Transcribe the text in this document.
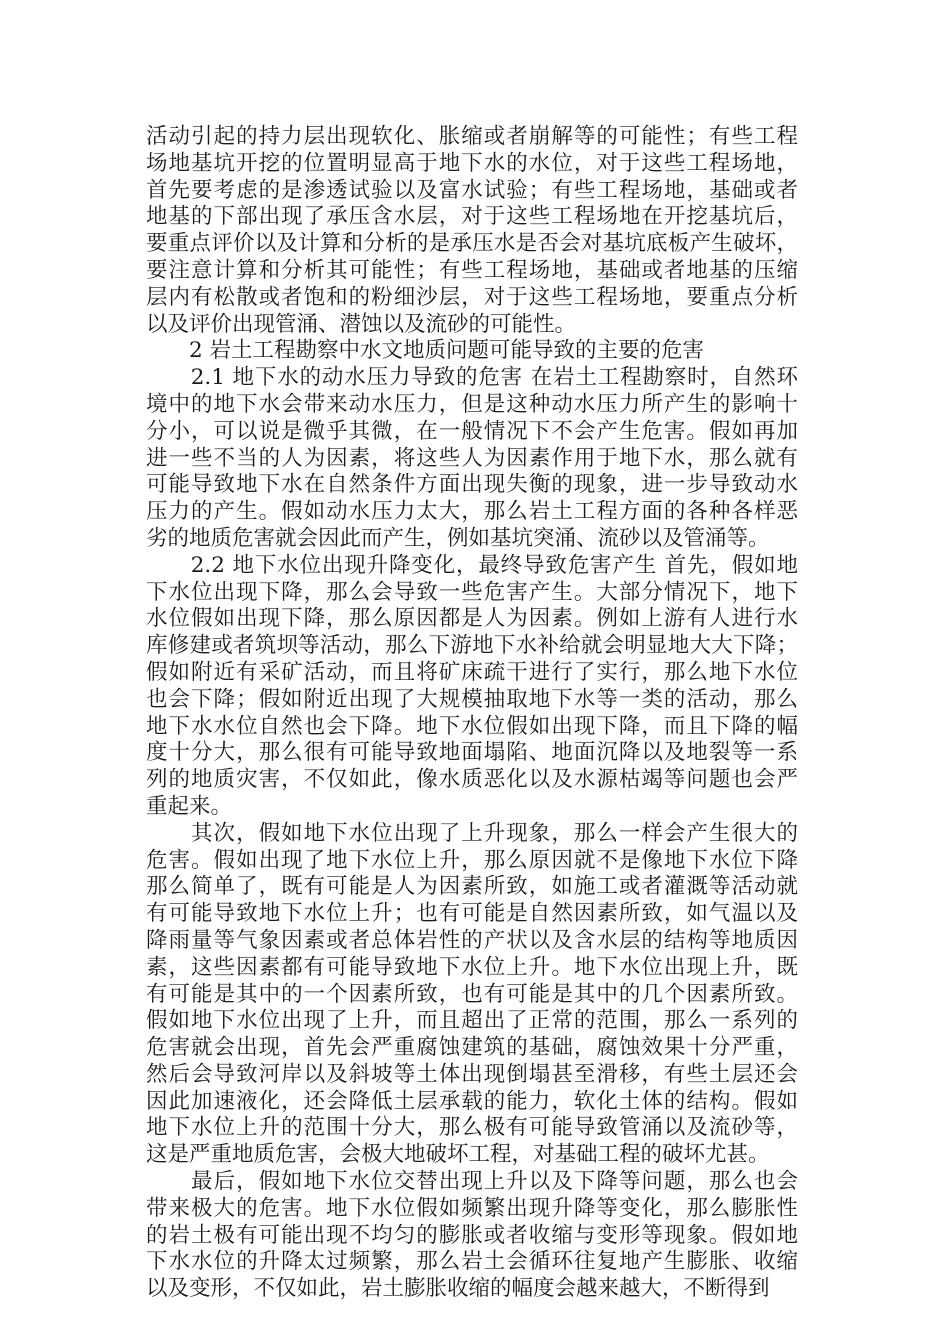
活动引起的持力层出现软化、胀缩或者崩解等的可能性；有些工程
场地基坑开挖的位置明显高于地下水的水位，对于这些工程场地，
首先要考虑的是渗透试验以及富水试验；有些工程场地，基础或者
地基的下部出现了承压含水层，对于这些工程场地在开挖基坑后，
要重点评价以及计算和分析的是承压水是否会对基坑底板产生破坏，
要注意计算和分析其可能性；有些工程场地，基础或者地基的压缩
层内有松散或者饱和的粉细沙层，对于这些工程场地，要重点分析
以及评价出现管涌、潜蚀以及流砂的可能性。
　　2 岩土工程勘察中水文地质问题可能导致的主要的危害
　　2.1 地下水的动水压力导致的危害 在岩土工程勘察时，自然环
境中的地下水会带来动水压力，但是这种动水压力所产生的影响十
分小，可以说是微乎其微，在一般情况下不会产生危害。假如再加
进一些不当的人为因素，将这些人为因素作用于地下水，那么就有
可能导致地下水在自然条件方面出现失衡的现象，进一步导致动水
压力的产生。假如动水压力太大，那么岩土工程方面的各种各样恶
劣的地质危害就会因此而产生，例如基坑突涌、流砂以及管涌等。
　　2.2 地下水位出现升降变化，最终导致危害产生 首先，假如地
下水位出现下降，那么会导致一些危害产生。大部分情况下，地下
水位假如出现下降，那么原因都是人为因素。例如上游有人进行水
库修建或者筑坝等活动，那么下游地下水补给就会明显地大大下降；
假如附近有采矿活动，而且将矿床疏干进行了实行，那么地下水位
也会下降；假如附近出现了大规模抽取地下水等一类的活动，那么
地下水水位自然也会下降。地下水位假如出现下降，而且下降的幅
度十分大，那么很有可能导致地面塌陷、地面沉降以及地裂等一系
列的地质灾害，不仅如此，像水质恶化以及水源枯竭等问题也会严
重起来。
　　其次，假如地下水位出现了上升现象，那么一样会产生很大的
危害。假如出现了地下水位上升，那么原因就不是像地下水位下降
那么简单了，既有可能是人为因素所致，如施工或者灌溉等活动就
有可能导致地下水位上升；也有可能是自然因素所致，如气温以及
降雨量等气象因素或者总体岩性的产状以及含水层的结构等地质因
素，这些因素都有可能导致地下水位上升。地下水位出现上升，既
有可能是其中的一个因素所致，也有可能是其中的几个因素所致。
假如地下水位出现了上升，而且超出了正常的范围，那么一系列的
危害就会出现，首先会严重腐蚀建筑的基础，腐蚀效果十分严重，
然后会导致河岸以及斜坡等土体出现倒塌甚至滑移，有些土层还会
因此加速液化，还会降低土层承载的能力，软化土体的结构。假如
地下水位上升的范围十分大，那么极有可能导致管涌以及流砂等，
这是严重地质危害，会极大地破坏工程，对基础工程的破坏尤甚。
　　最后，假如地下水位交替出现上升以及下降等问题，那么也会
带来极大的危害。地下水位假如频繁出现升降等变化，那么膨胀性
的岩土极有可能出现不均匀的膨胀或者收缩与变形等现象。假如地
下水水位的升降太过频繁，那么岩土会循环往复地产生膨胀、收缩
以及变形，不仅如此，岩土膨胀收缩的幅度会越来越大，不断得到
